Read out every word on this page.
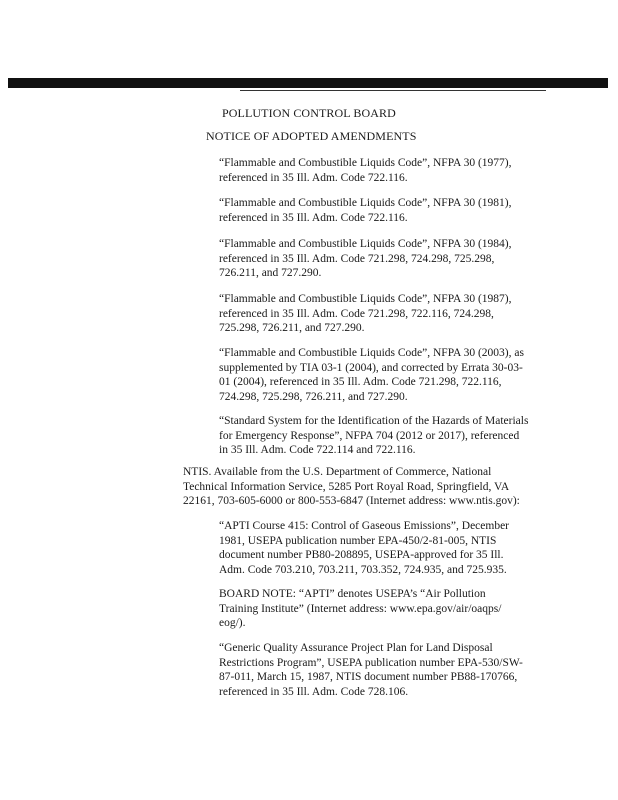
POLLUTION CONTROL BOARD
NOTICE OF ADOPTED AMENDMENTS

“Flammable and Combustible Liquids Code”, NFPA 30 (1977),
referenced in 35 Ill. Adm. Code 722.116.

“Flammable and Combustible Liquids Code”, NFPA 30 (1981),
referenced in 35 Ill. Adm. Code 722.116.

“Flammable and Combustible Liquids Code”, NFPA 30 (1984),
referenced in 35 Ill. Adm. Code 721.298, 724.298, 725.298,
726.211, and 727.290.

“Flammable and Combustible Liquids Code”, NFPA 30 (1987),
referenced in 35 Ill. Adm. Code 721.298, 722.116, 724.298,
725.298, 726.211, and 727.290.

“Flammable and Combustible Liquids Code”, NFPA 30 (2003), as
supplemented by TIA 03-1 (2004), and corrected by Errata 30-03-
01 (2004), referenced in 35 Ill. Adm. Code 721.298, 722.116,
724.298, 725.298, 726.211, and 727.290.

“Standard System for the Identification of the Hazards of Materials
for Emergency Response”, NFPA 704 (2012 or 2017), referenced
in 35 Ill. Adm. Code 722.114 and 722.116.

NTIS. Available from the U.S. Department of Commerce, National
Technical Information Service, 5285 Port Royal Road, Springfield, VA
22161, 703-605-6000 or 800-553-6847 (Internet address: www.ntis.gov):

“APTI Course 415: Control of Gaseous Emissions”, December
1981, USEPA publication number EPA-450/2-81-005, NTIS
document number PB80-208895, USEPA-approved for 35 Ill.
Adm. Code 703.210, 703.211, 703.352, 724.935, and 725.935.

BOARD NOTE: “APTI” denotes USEPA’s “Air Pollution
Training Institute” (Internet address: www.epa.gov/air/oaqps/
eog/).

“Generic Quality Assurance Project Plan for Land Disposal
Restrictions Program”, USEPA publication number EPA-530/SW-
87-011, March 15, 1987, NTIS document number PB88-170766,
referenced in 35 Ill. Adm. Code 728.106.
